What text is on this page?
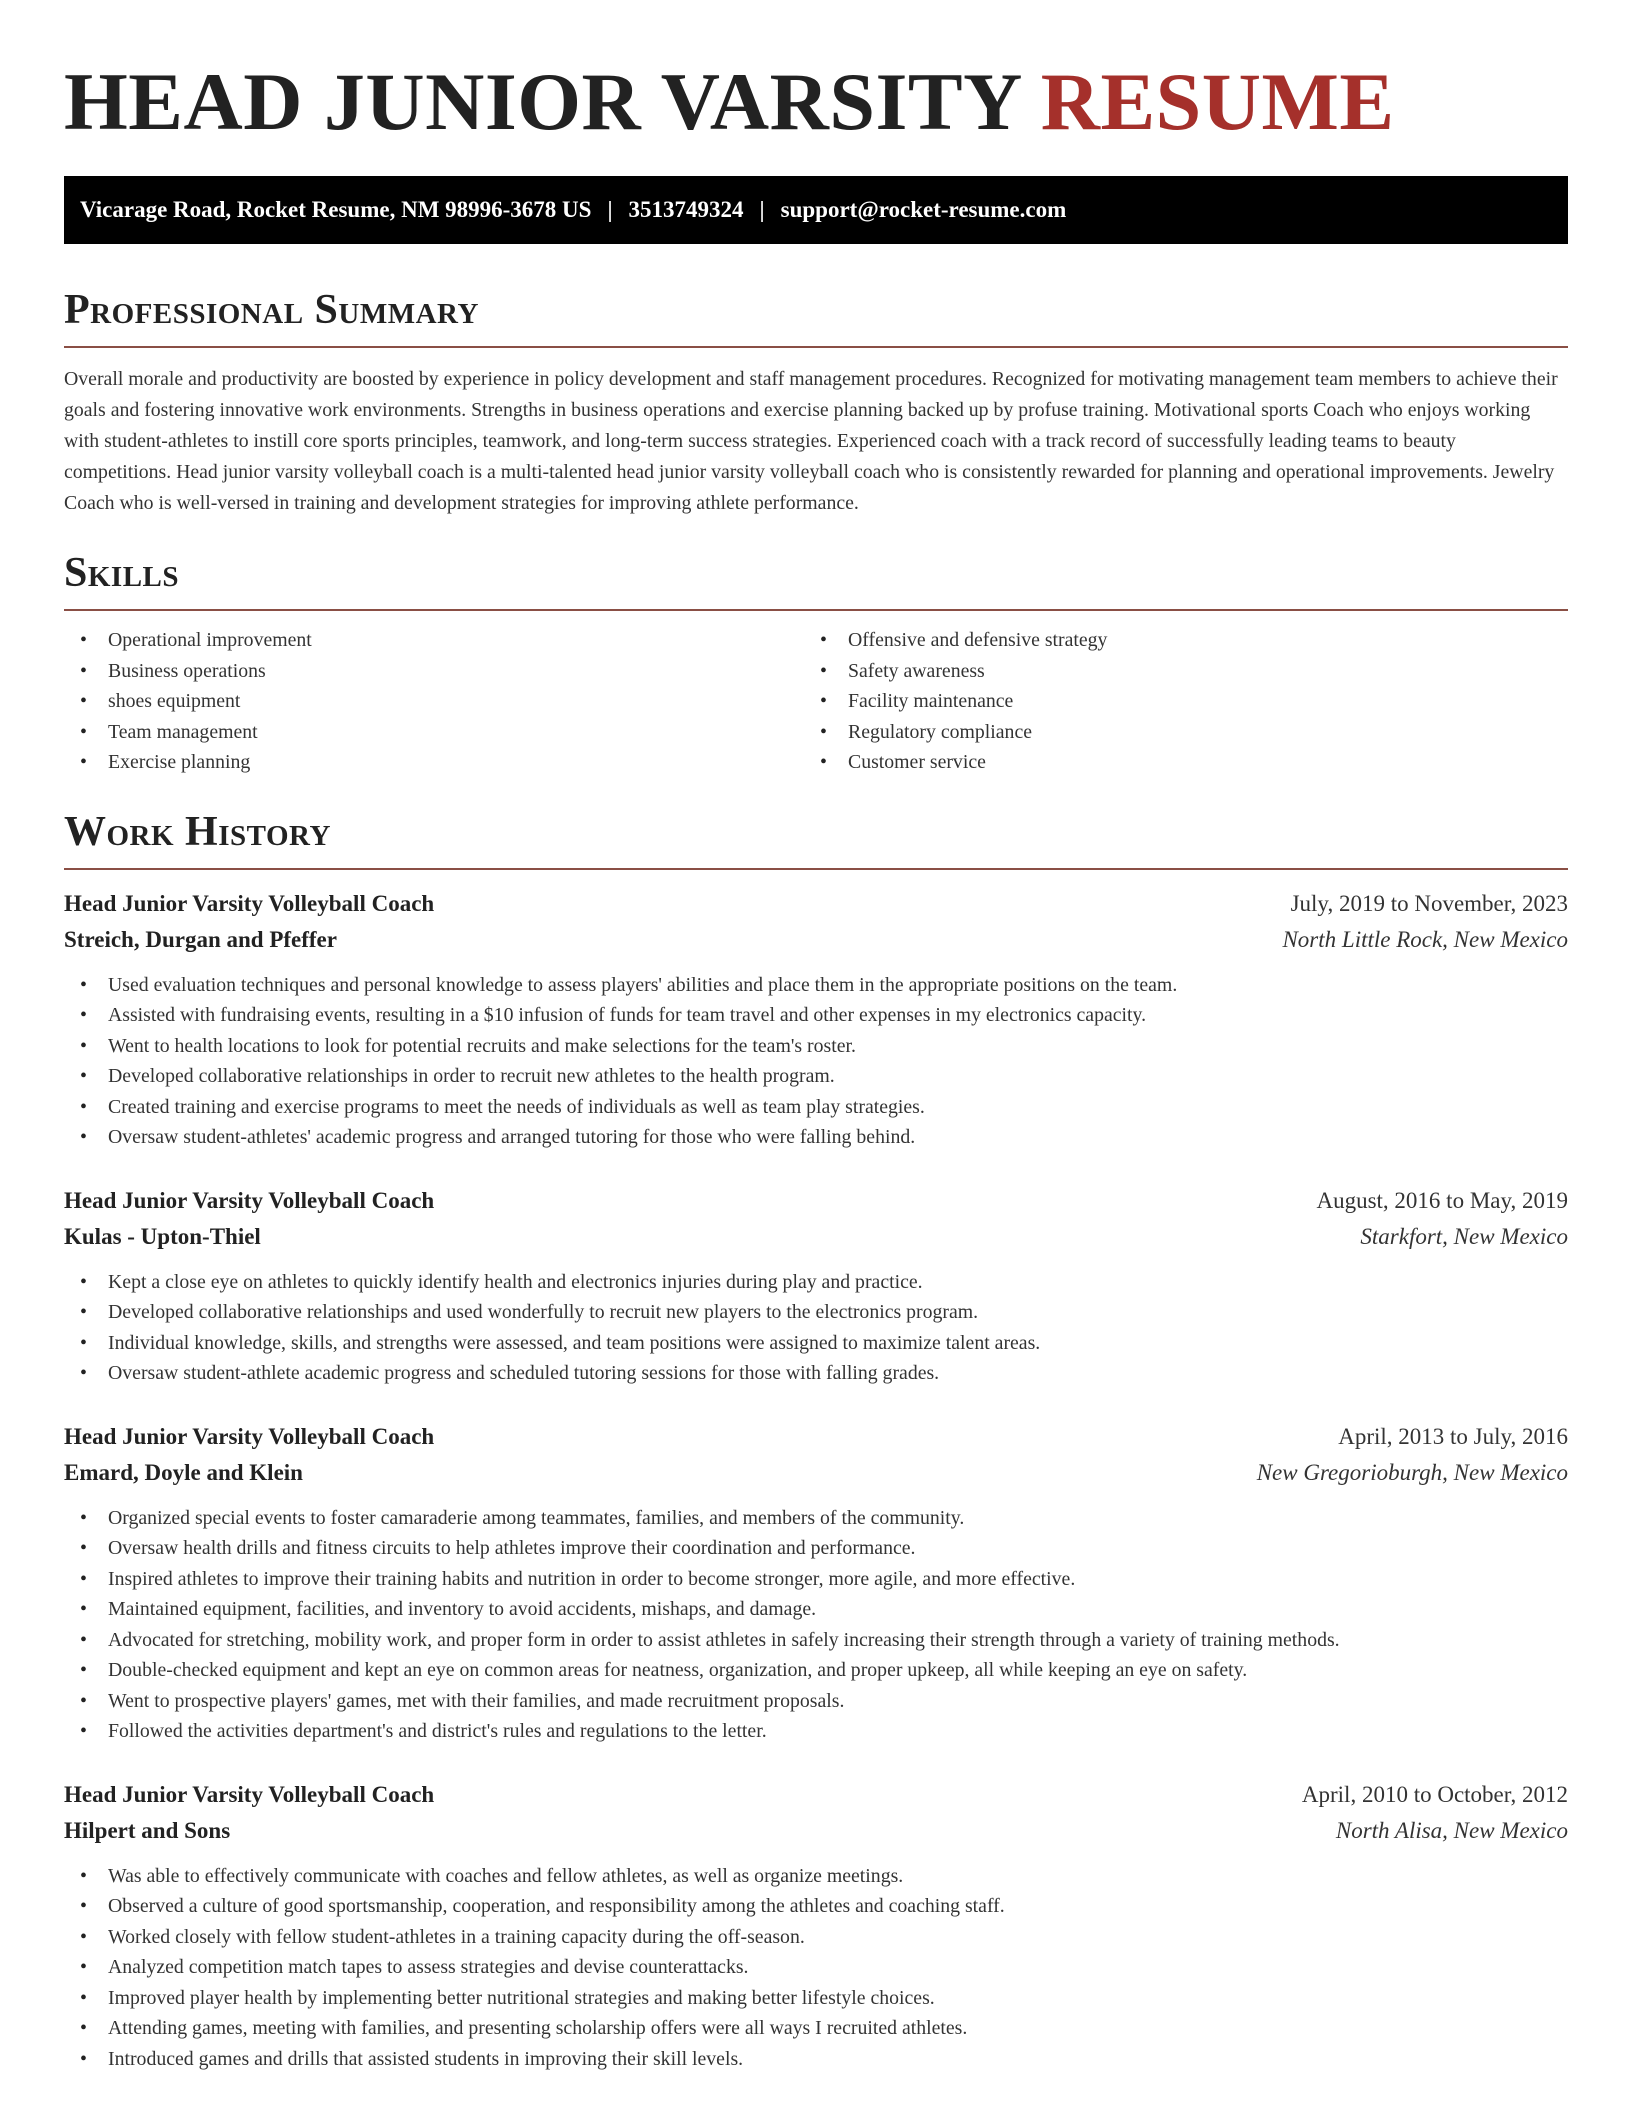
HEAD JUNIOR VARSITY RESUME
Vicarage Road, Rocket Resume, NM 98996-3678 US | 3513749324 | support@rocket-resume.com
Professional Summary

Overall morale and productivity are boosted by experience in policy development and staff management procedures. Recognized for motivating management team members to achieve their goals and fostering innovative work environments. Strengths in business operations and exercise planning backed up by profuse training. Motivational sports Coach who enjoys working with student-athletes to instill core sports principles, teamwork, and long-term success strategies. Experienced coach with a track record of successfully leading teams to beauty competitions. Head junior varsity volleyball coach is a multi-talented head junior varsity volleyball coach who is consistently rewarded for planning and operational improvements. Jewelry Coach who is well-versed in training and development strategies for improving athlete performance.

Skills
• Operational improvement
• Business operations
• shoes equipment
• Team management
• Exercise planning
• Offensive and defensive strategy
• Safety awareness
• Facility maintenance
• Regulatory compliance
• Customer service
Work History
Head Junior Varsity Volleyball Coach	July, 2019 to November, 2023
Streich, Durgan and Pfeffer	North Little Rock, New Mexico
• Used evaluation techniques and personal knowledge to assess players' abilities and place them in the appropriate positions on the team.
• Assisted with fundraising events, resulting in a $10 infusion of funds for team travel and other expenses in my electronics capacity.
• Went to health locations to look for potential recruits and make selections for the team's roster.
• Developed collaborative relationships in order to recruit new athletes to the health program.
• Created training and exercise programs to meet the needs of individuals as well as team play strategies.
• Oversaw student-athletes' academic progress and arranged tutoring for those who were falling behind.
Head Junior Varsity Volleyball Coach	August, 2016 to May, 2019
Kulas - Upton-Thiel	Starkfort, New Mexico
• Kept a close eye on athletes to quickly identify health and electronics injuries during play and practice.
• Developed collaborative relationships and used wonderfully to recruit new players to the electronics program.
• Individual knowledge, skills, and strengths were assessed, and team positions were assigned to maximize talent areas.
• Oversaw student-athlete academic progress and scheduled tutoring sessions for those with falling grades.
Head Junior Varsity Volleyball Coach	April, 2013 to July, 2016
Emard, Doyle and Klein	New Gregorioburgh, New Mexico
• Organized special events to foster camaraderie among teammates, families, and members of the community.
• Oversaw health drills and fitness circuits to help athletes improve their coordination and performance.
• Inspired athletes to improve their training habits and nutrition in order to become stronger, more agile, and more effective.
• Maintained equipment, facilities, and inventory to avoid accidents, mishaps, and damage.
• Advocated for stretching, mobility work, and proper form in order to assist athletes in safely increasing their strength through a variety of training methods.
• Double-checked equipment and kept an eye on common areas for neatness, organization, and proper upkeep, all while keeping an eye on safety.
• Went to prospective players' games, met with their families, and made recruitment proposals.
• Followed the activities department's and district's rules and regulations to the letter.
Head Junior Varsity Volleyball Coach	April, 2010 to October, 2012
Hilpert and Sons	North Alisa, New Mexico
• Was able to effectively communicate with coaches and fellow athletes, as well as organize meetings.
• Observed a culture of good sportsmanship, cooperation, and responsibility among the athletes and coaching staff.
• Worked closely with fellow student-athletes in a training capacity during the off-season.
• Analyzed competition match tapes to assess strategies and devise counterattacks.
• Improved player health by implementing better nutritional strategies and making better lifestyle choices.
• Attending games, meeting with families, and presenting scholarship offers were all ways I recruited athletes.
• Introduced games and drills that assisted students in improving their skill levels.
